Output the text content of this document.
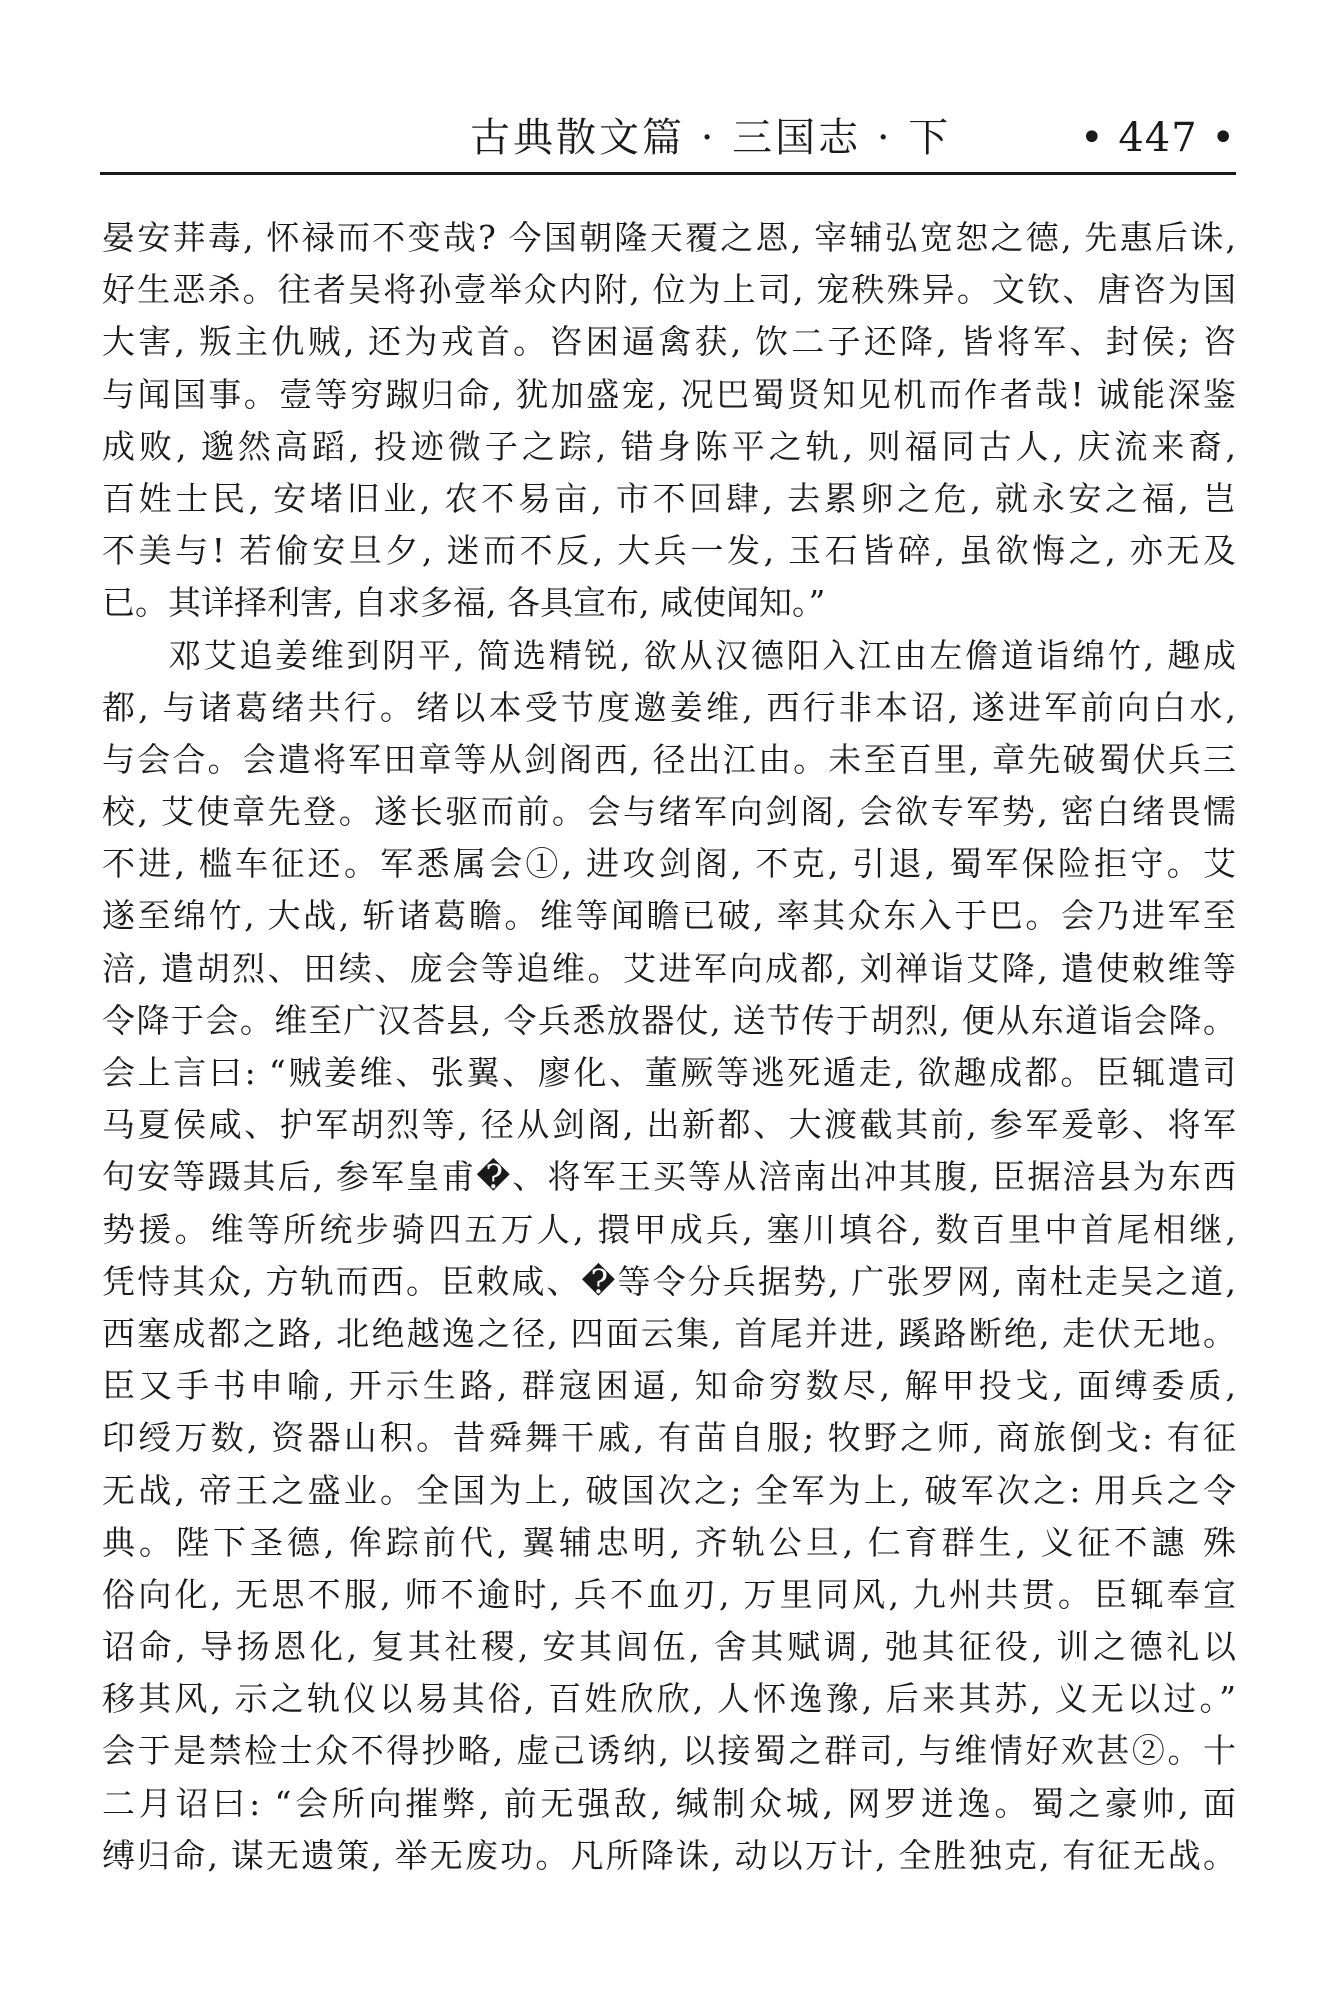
古典散文篇 · 三国志 · 下	• 447 •
晏安荓毒, 怀禄而不变哉? 今国朝隆天覆之恩, 宰辅弘宽恕之德, 先惠后诛,
好生恶杀。往者吴将孙壹举众内附, 位为上司, 宠秩殊异。文钦、唐咨为国
大害, 叛主仇贼, 还为戎首。咨困逼禽获, 饮二子还降, 皆将军、封侯; 咨
与闻国事。壹等穷踧归命, 犹加盛宠, 况巴蜀贤知见机而作者哉! 诚能深鉴
成败, 邈然高蹈, 投迹微子之踪, 错身陈平之轨, 则福同古人, 庆流来裔,
百姓士民, 安堵旧业, 农不易亩, 市不回肆, 去累卵之危, 就永安之福, 岂
不美与! 若偷安旦夕, 迷而不反, 大兵一发, 玉石皆碎, 虽欲悔之, 亦无及
已。其详择利害, 自求多福, 各具宣布, 咸使闻知。”
邓艾追姜维到阴平, 简选精锐, 欲从汉德阳入江由左儋道诣绵竹, 趣成
都, 与诸葛绪共行。绪以本受节度邀姜维, 西行非本诏, 遂进军前向白水,
与会合。会遣将军田章等从剑阁西, 径出江由。未至百里, 章先破蜀伏兵三
校, 艾使章先登。遂长驱而前。会与绪军向剑阁, 会欲专军势, 密白绪畏懦
不进, 槛车征还。军悉属会①, 进攻剑阁, 不克, 引退, 蜀军保险拒守。艾
遂至绵竹, 大战, 斩诸葛瞻。维等闻瞻已破, 率其众东入于巴。会乃进军至
涪, 遣胡烈、田续、庞会等追维。艾进军向成都, 刘禅诣艾降, 遣使敕维等
令降于会。维至广汉荅县, 令兵悉放器仗, 送节传于胡烈, 便从东道诣会降。
会上言曰: “贼姜维、张翼、廖化、董厥等逃死遁走, 欲趣成都。臣辄遣司
马夏侯咸、护军胡烈等, 径从剑阁, 出新都、大渡截其前, 参军爰彰、将军
句安等蹑其后, 参军皇甫�、将军王买等从涪南出冲其腹, 臣据涪县为东西
势援。维等所统步骑四五万人, 擐甲成兵, 塞川填谷, 数百里中首尾相继,
凭恃其众, 方轨而西。臣敕咸、�等令分兵据势, 广张罗网, 南杜走吴之道,
西塞成都之路, 北绝越逸之径, 四面云集, 首尾并进, 蹊路断绝, 走伏无地。
臣又手书申喻, 开示生路, 群寇困逼, 知命穷数尽, 解甲投戈, 面缚委质,
印绶万数, 资器山积。昔舜舞干戚, 有苗自服; 牧野之师, 商旅倒戈: 有征
无战, 帝王之盛业。全国为上, 破国次之; 全军为上, 破军次之: 用兵之令
典。陛下圣德, 侔踪前代, 翼辅忠明, 齐轨公旦, 仁育群生, 义征不譓 殊
俗向化, 无思不服, 师不逾时, 兵不血刃, 万里同风, 九州共贯。臣辄奉宣
诏命, 导扬恩化, 复其社稷, 安其闾伍, 舍其赋调, 弛其征役, 训之德礼以
移其风, 示之轨仪以易其俗, 百姓欣欣, 人怀逸豫, 后来其苏, 义无以过。”
会于是禁检士众不得抄略, 虚己诱纳, 以接蜀之群司, 与维情好欢甚②。十
二月诏曰: “会所向摧弊, 前无强敌, 缄制众城, 网罗迸逸。蜀之豪帅, 面
缚归命, 谋无遗策, 举无废功。凡所降诛, 动以万计, 全胜独克, 有征无战。
